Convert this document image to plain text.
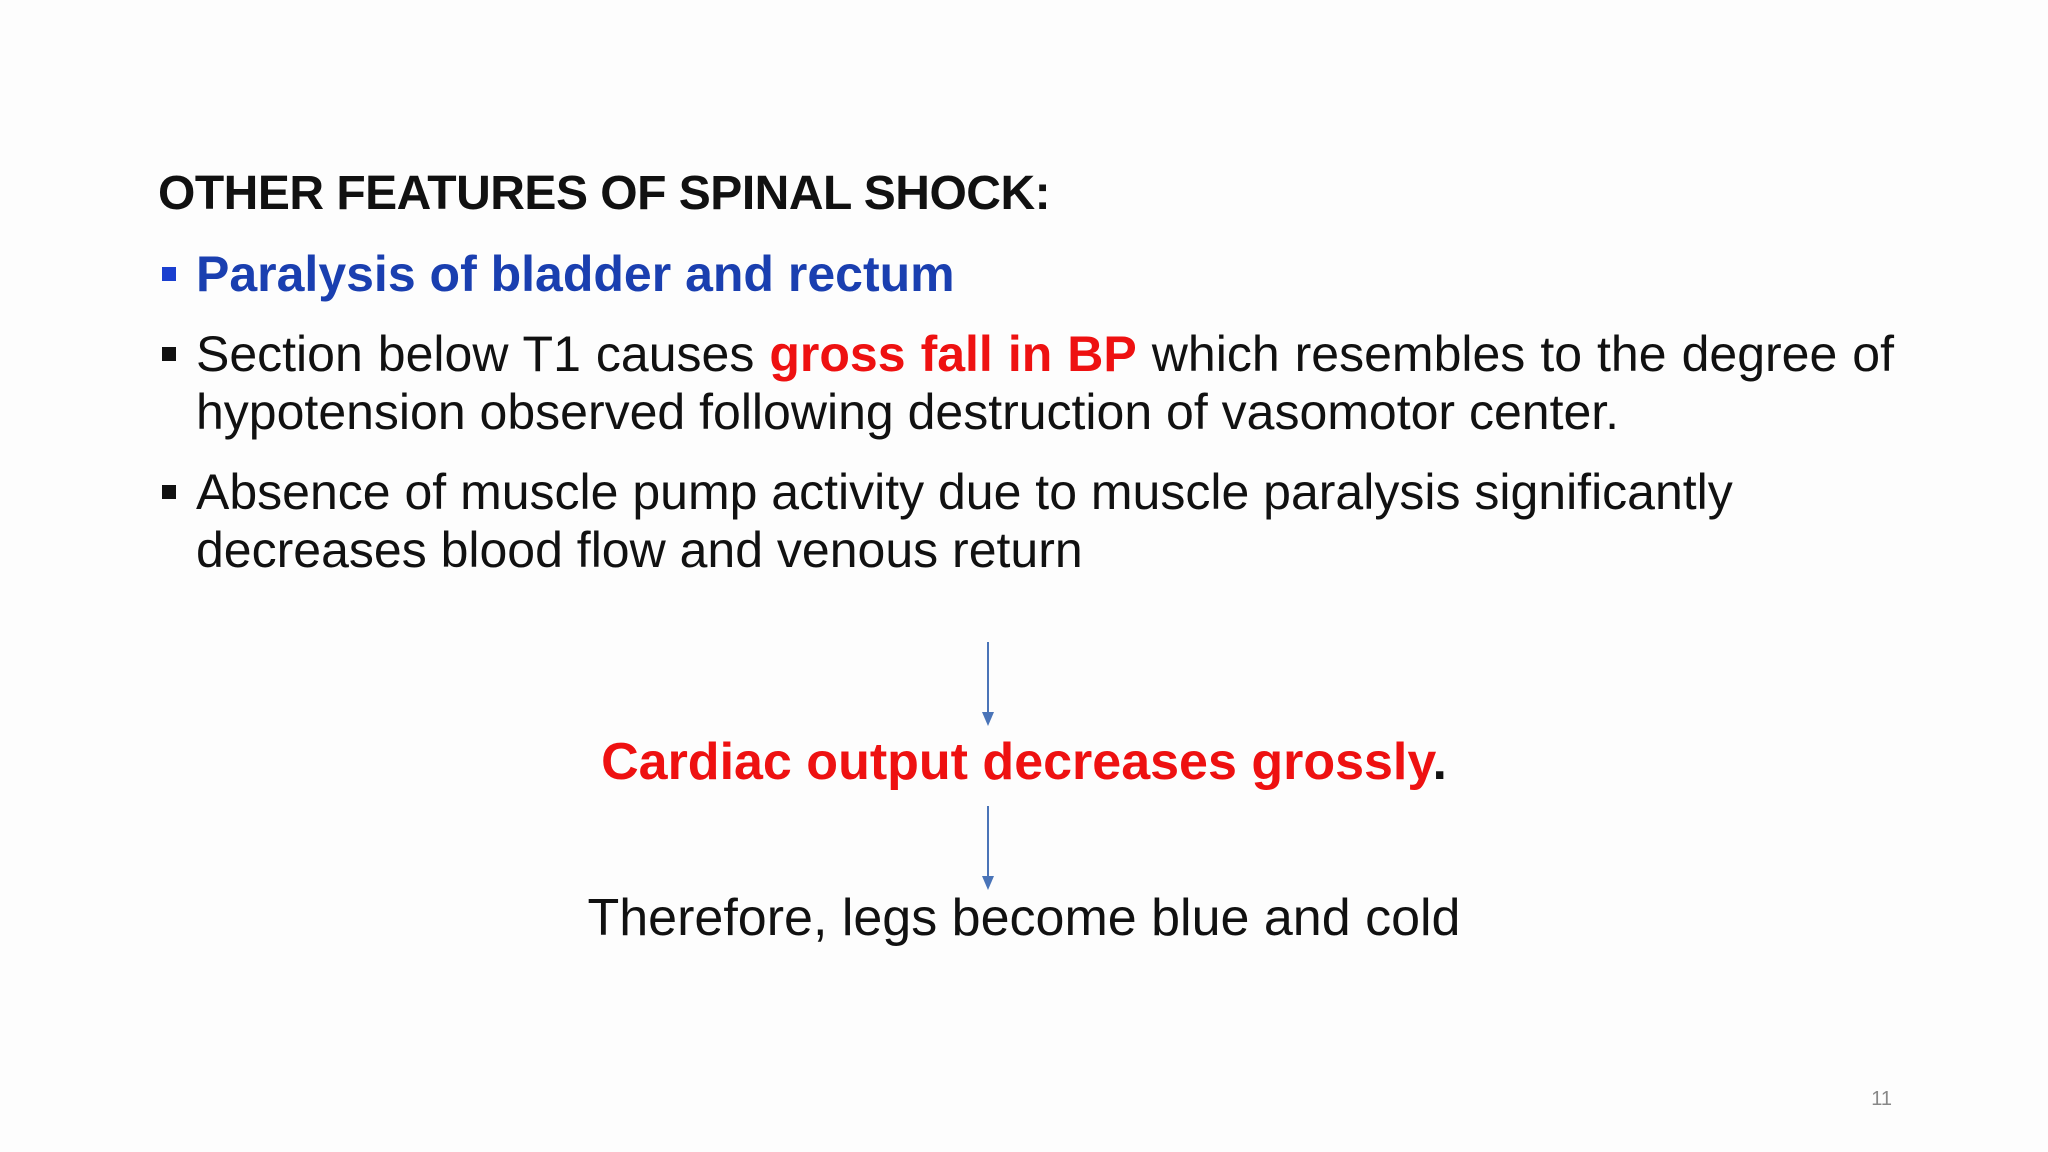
OTHER FEATURES OF SPINAL SHOCK:
Paralysis of bladder and rectum
Section below T1 causes gross fall in BP which resembles to the degree of hypotension observed following destruction of vasomotor center.
Absence of muscle pump activity due to muscle paralysis significantly decreases blood flow and venous return
Cardiac output decreases grossly.
Therefore, legs become blue and cold
11
